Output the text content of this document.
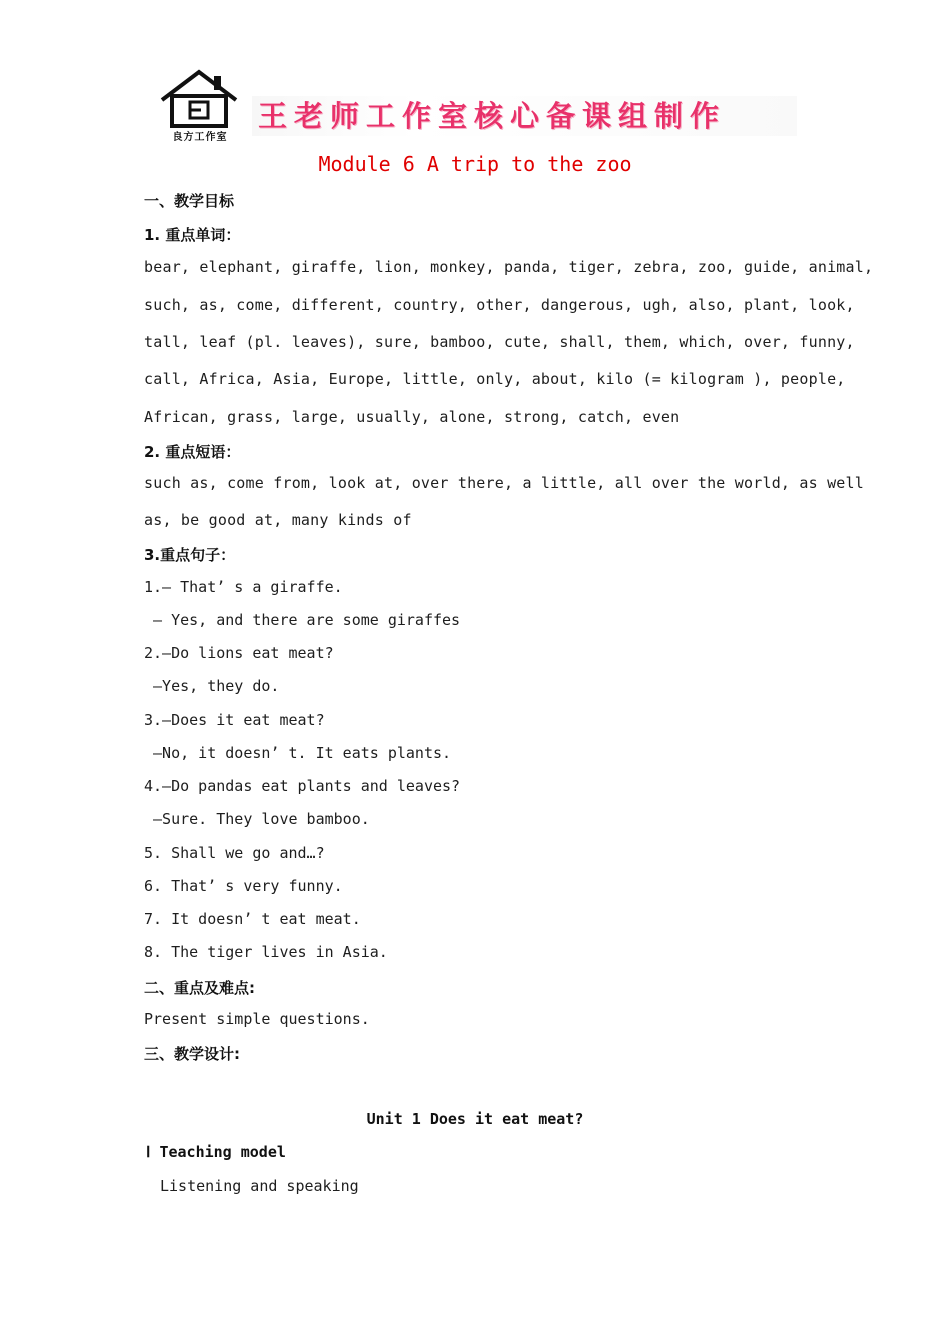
良方工作室
王老师工作室核心备课组制作
Module 6 A trip to the zoo
一、教学目标
1. 重点单词：
bear, elephant, giraffe, lion, monkey, panda, tiger, zebra, zoo, guide, animal,
such, as, come, different, country, other, dangerous, ugh, also, plant, look,
tall, leaf (pl. leaves), sure, bamboo, cute, shall, them, which, over, funny,
call, Africa, Asia, Europe, little, only, about, kilo (= kilogram ), people,
African, grass, large, usually, alone, strong, catch, even
2. 重点短语：
such as, come from, look at, over there, a little, all over the world, as well
as, be good at, many kinds of
3.重点句子：
1.— That’ s a giraffe.
— Yes, and there are some giraffes
2.—Do lions eat meat?
—Yes, they do.
3.—Does it eat meat?
—No, it doesn’ t. It eats plants.
4.—Do pandas eat plants and leaves?
—Sure. They love bamboo.
5. Shall we go and…?
6. That’ s very funny.
7. It doesn’ t eat meat.
8. The tiger lives in Asia.
二、重点及难点:
Present simple questions.
三、教学设计:
Unit 1 Does it eat meat?
Ⅰ Teaching model
Listening and speaking
